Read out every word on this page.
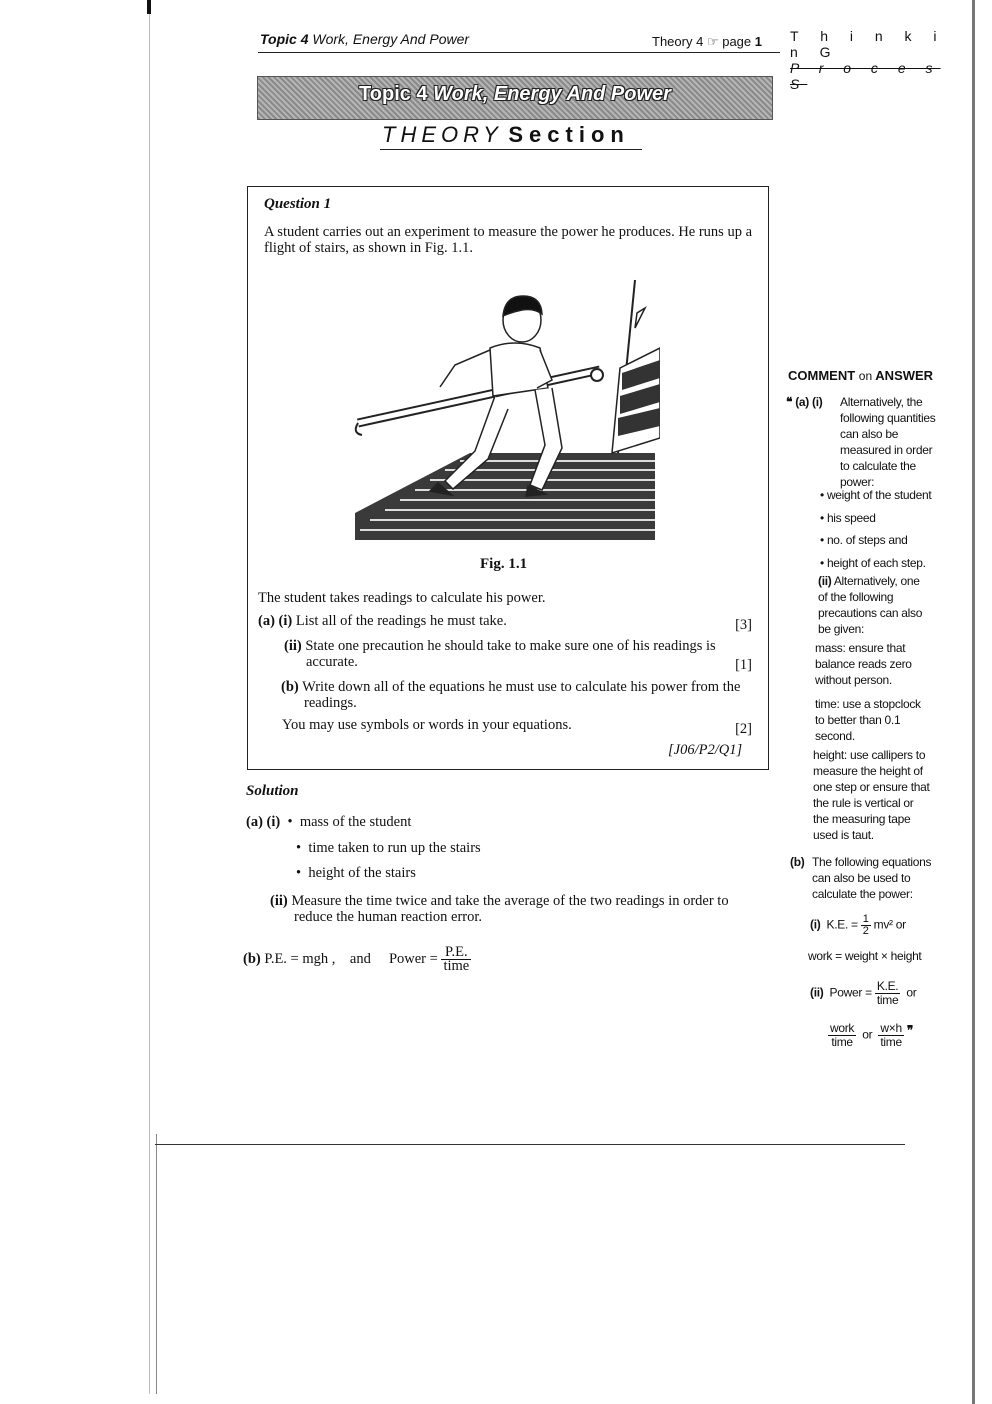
Topic 4 Work, Energy And Power	Theory 4 ☞ page 1 T h i n k i n G
P r o c e s S
Topic 4 Work, Energy And Power
THEORY Section
Question 1
A student carries out an experiment to measure the power he produces. He runs up a flight of stairs, as shown in Fig. 1.1.
Fig. 1.1
The student takes readings to calculate his power.
(a) (i) List all of the readings he must take.	[3]
(ii) State one precaution he should take to make sure one of his readings is accurate.	[1]
(b) Write down all of the equations he must use to calculate his power from the readings.
You may use symbols or words in your equations.	[2]
[J06/P2/Q1]
Solution
(a) (i)  •  mass of the student
•  time taken to run up the stairs
•  height of the stairs
(ii) Measure the time twice and take the average of the two readings in order to reduce the human reaction error.
(b) P.E. = mgh , and Power = $\frac{P.E.}{\text{time}}$
COMMENT on ANSWER
❝ (a) (i)	Alternatively, the following quantities can also be measured in order to calculate the power:
• weight of the student
• his speed
• no. of steps and
• height of each step.
(ii) Alternatively, one of the following precautions can also be given:
mass: ensure that balance reads zero without person.
time: use a stopclock to better than 0.1 second.
height: use callipers to measure the height of one step or ensure that the rule is vertical or the measuring tape used is taut.
(b) The following equations can also be used to calculate the power:
(i) K.E. = $\frac{1}{2} mv^2$ or
work = weight × height
(ii) Power = $\frac{K.E.}{\text{time}}$ or
$\frac{\text{work}}{\text{time}}$ or $\frac{w\times h}{\text{time}}$ ❞
